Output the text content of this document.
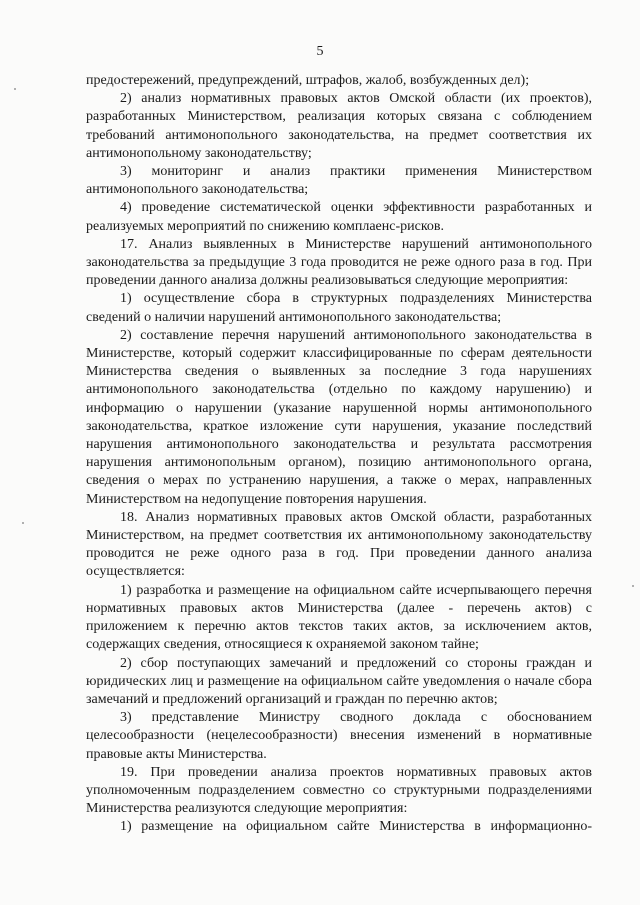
5

предостережений, предупреждений, штрафов, жалоб, возбужденных дел);

2) анализ нормативных правовых актов Омской области (их проектов), разработанных Министерством, реализация которых связана с соблюдением требований антимонопольного законодательства, на предмет соответствия их антимонопольному законодательству;

3) мониторинг и анализ практики применения Министерством антимонопольного законодательства;

4) проведение систематической оценки эффективности разработанных и реализуемых мероприятий по снижению комплаенс-рисков.

17. Анализ выявленных в Министерстве нарушений антимонопольного законодательства за предыдущие 3 года проводится не реже одного раза в год. При проведении данного анализа должны реализовываться следующие мероприятия:

1) осуществление сбора в структурных подразделениях Министерства сведений о наличии нарушений антимонопольного законодательства;

2) составление перечня нарушений антимонопольного законодательства в Министерстве, который содержит классифицированные по сферам деятельности Министерства сведения о выявленных за последние 3 года нарушениях антимонопольного законодательства (отдельно по каждому нарушению) и информацию о нарушении (указание нарушенной нормы антимонопольного законодательства, краткое изложение сути нарушения, указание последствий нарушения антимонопольного законодательства и результата рассмотрения нарушения антимонопольным органом), позицию антимонопольного органа, сведения о мерах по устранению нарушения, а также о мерах, направленных Министерством на недопущение повторения нарушения.

18. Анализ нормативных правовых актов Омской области, разработанных Министерством, на предмет соответствия их антимонопольному законодательству проводится не реже одного раза в год. При проведении данного анализа осуществляется:

1) разработка и размещение на официальном сайте исчерпывающего перечня нормативных правовых актов Министерства (далее - перечень актов) с приложением к перечню актов текстов таких актов, за исключением актов, содержащих сведения, относящиеся к охраняемой законом тайне;

2) сбор поступающих замечаний и предложений со стороны граждан и юридических лиц и размещение на официальном сайте уведомления о начале сбора замечаний и предложений организаций и граждан по перечню актов;

3) представление Министру сводного доклада с обоснованием целесообразности (нецелесообразности) внесения изменений в нормативные правовые акты Министерства.

19. При проведении анализа проектов нормативных правовых актов уполномоченным подразделением совместно со структурными подразделениями Министерства реализуются следующие мероприятия:

1) размещение на официальном сайте Министерства в информационно-
